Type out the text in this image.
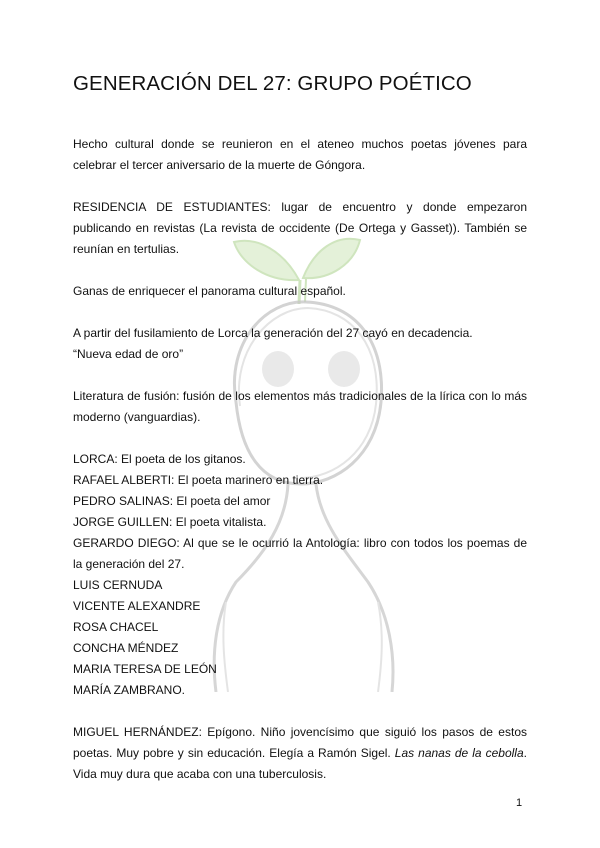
GENERACIÓN DEL 27: GRUPO POÉTICO

Hecho cultural donde se reunieron en el ateneo muchos poetas jóvenes para celebrar el tercer aniversario de la muerte de Góngora.

RESIDENCIA DE ESTUDIANTES: lugar de encuentro y donde empezaron publicando en revistas (La revista de occidente (De Ortega y Gasset)). También se reunían en tertulias.

Ganas de enriquecer el panorama cultural español.

A partir del fusilamiento de Lorca la generación del 27 cayó en decadencia.
“Nueva edad de oro”

Literatura de fusión: fusión de los elementos más tradicionales de la lírica con lo más moderno (vanguardias).

LORCA: El poeta de los gitanos.

RAFAEL ALBERTI: El poeta marinero en tierra.

PEDRO SALINAS: El poeta del amor

JORGE GUILLEN: El poeta vitalista.

GERARDO DIEGO: Al que se le ocurrió la Antología: libro con todos los poemas de la generación del 27.

LUIS CERNUDA

VICENTE ALEXANDRE

ROSA CHACEL

CONCHA MÉNDEZ

MARIA TERESA DE LEÓN

MARÍA ZAMBRANO.

MIGUEL HERNÁNDEZ: Epígono. Niño jovencísimo que siguió los pasos de estos poetas. Muy pobre y sin educación. Elegía a Ramón Sigel. Las nanas de la cebolla. Vida muy dura que acaba con una tuberculosis.

1
